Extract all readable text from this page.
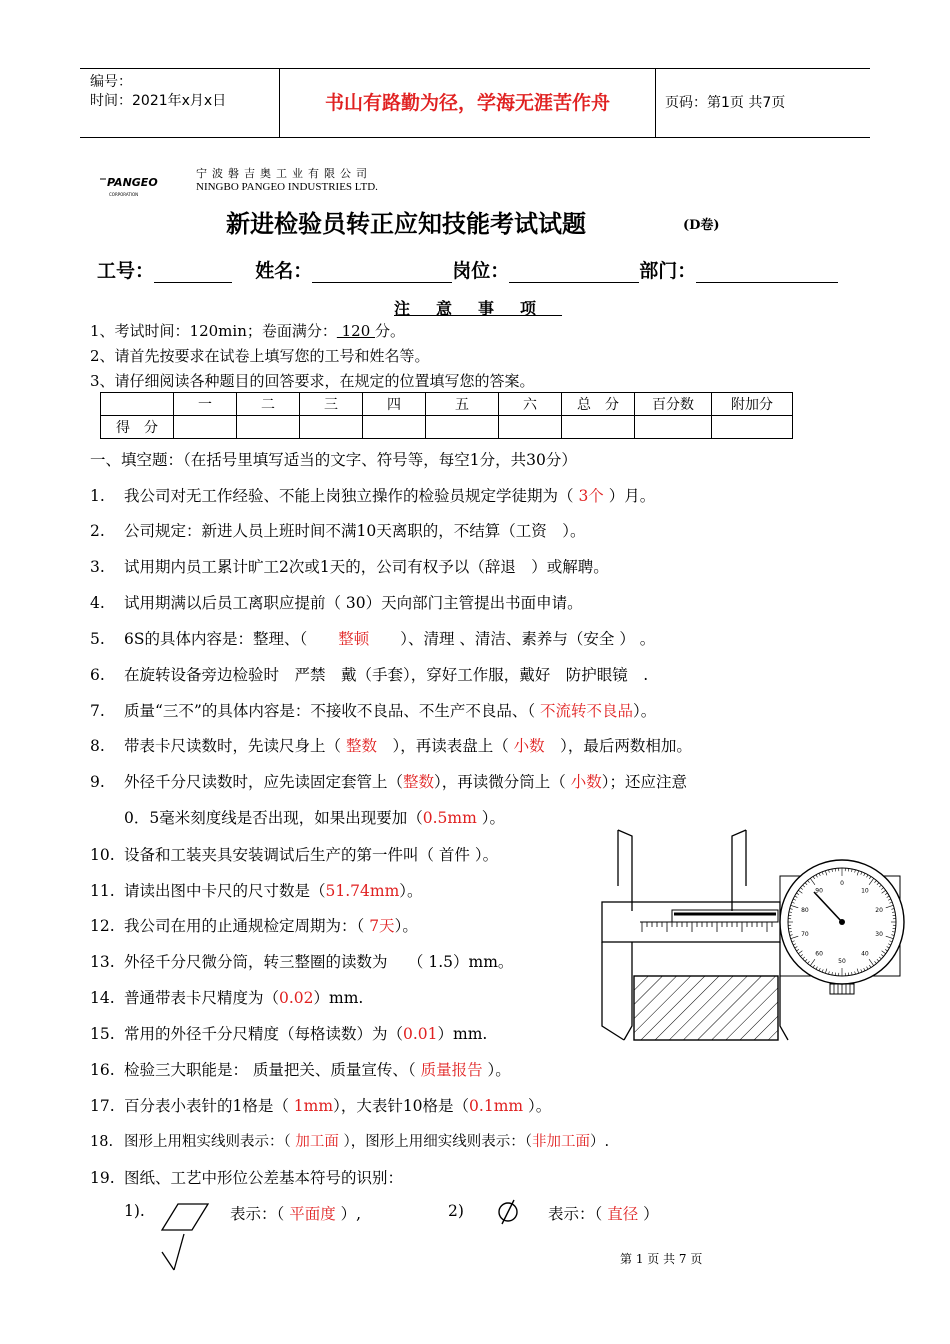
编号：
时间：2021年x月x日	书山有路勤为径，学海无涯苦作舟	页码：第1页 共7页
PANGEO
CORPORATION
宁波磐吉奥工业有限公司
NINGBO PANGEO INDUSTRIES LTD.
新进检验员转正应知技能考试试题	(D卷)
工号：	姓名：	岗位：	部门：
注意事项
1、考试时间：120min；卷面满分： 120 分。
2、请首先按要求在试卷上填写您的工号和姓名等。
3、请仔细阅读各种题目的回答要求，在规定的位置填写您的答案。
	一	二	三	四	五	六	总　分	百分数	附加分
得　分									
一、填空题：（在括号里填写适当的文字、符号等，每空1分，共30分）
1. 我公司对无工作经验、不能上岗独立操作的检验员规定学徒期为（ 3个 ）月。
2. 公司规定：新进人员上班时间不满10天离职的，不结算（工资　）。
3. 试用期内员工累计旷工2次或1天的，公司有权予以（辞退　）或解聘。
4. 试用期满以后员工离职应提前（ 30）天向部门主管提出书面申请。
5. 6S的具体内容是：整理、（　　整顿　　）、清理 、清洁、素养与（安全 ） 。
6. 在旋转设备旁边检验时　严禁　戴（手套），穿好工作服，戴好　防护眼镜　.
7. 质量“三不”的具体内容是：不接收不良品、不生产不良品、（ 不流转不良品）。
8. 带表卡尺读数时，先读尺身上（ 整数　），再读表盘上（ 小数　），最后两数相加。
9. 外径千分尺读数时，应先读固定套管上（整数），再读微分筒上（ 小数）；还应注意
0．5毫米刻度线是否出现，如果出现要加（0.5mm ）。
10. 设备和工装夹具安装调试后生产的第一件叫（ 首件 ）。
11. 请读出图中卡尺的尺寸数是（51.74mm）。
12. 我公司在用的止通规检定周期为：（ 7天）。
13. 外径千分尺微分筒，转三整圈的读数为　 （ 1.5）mm。
14. 普通带表卡尺精度为（0.02）mm.
15. 常用的外径千分尺精度（每格读数）为（0.01）mm.
16. 检验三大职能是： 质量把关、质量宣传、（ 质量报告 ）。
17. 百分表小表针的1格是（ 1mm），大表针10格是（0.1mm ）。
18. 图形上用粗实线则表示：（ 加工面 ），图形上用细实线则表示：（非加工面）.
19. 图纸、工艺中形位公差基本符号的识别：
1).	表示：（ 平面度 ）,	2)	表示：（ 直径 ）
0
10
20
30
40
50
60
70
80
90
第 1 页 共 7 页
